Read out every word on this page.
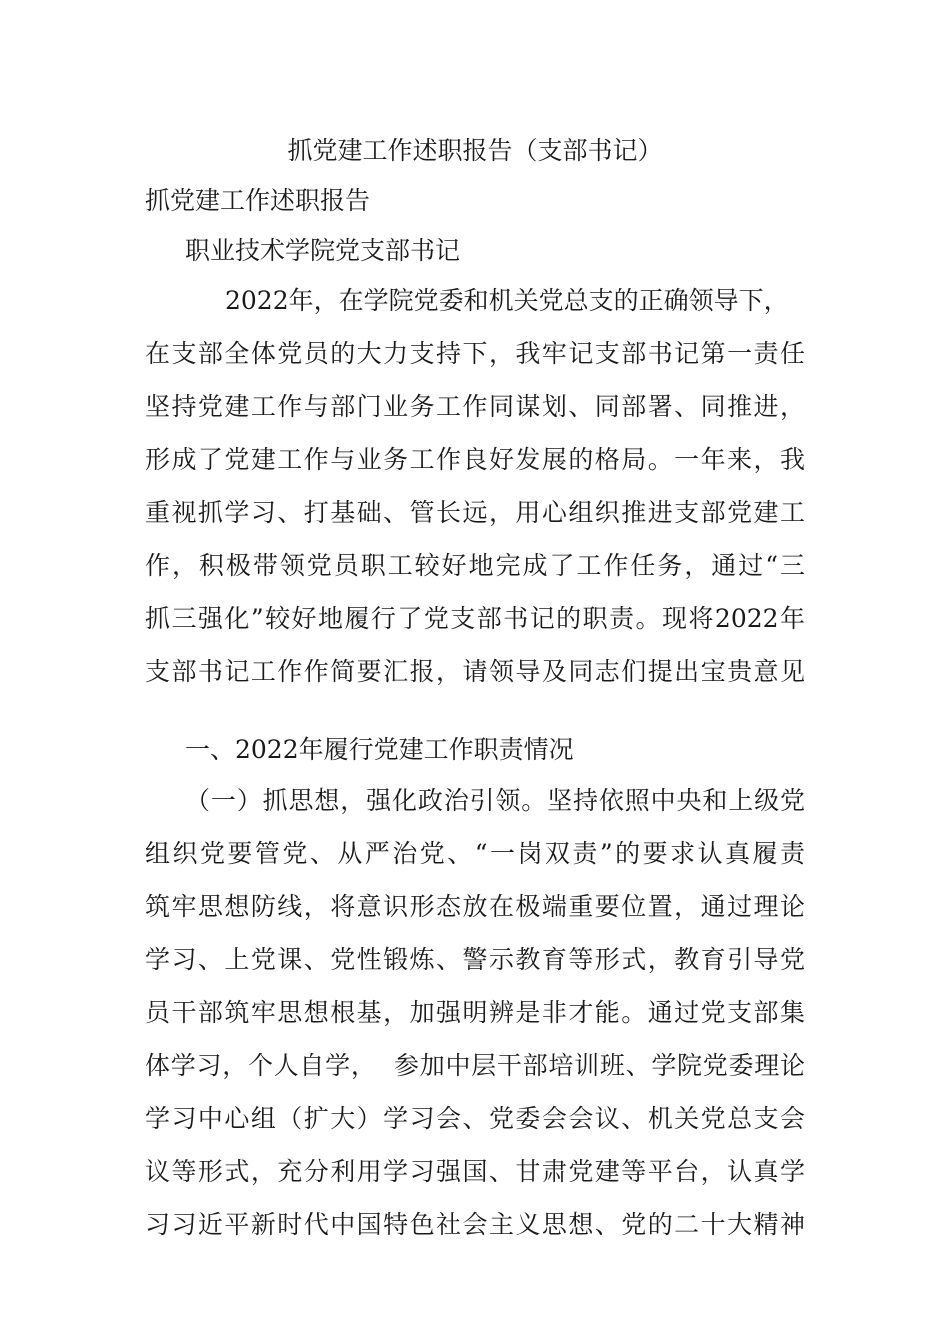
抓党建工作述职报告（支部书记）
抓党建工作述职报告
职业技术学院党支部书记
2022年，在学院党委和机关党总支的正确领导下，
在支部全体党员的大力支持下，我牢记支部书记第一责任
坚持党建工作与部门业务工作同谋划、同部署、同推进，
形成了党建工作与业务工作良好发展的格局。一年来，我
重视抓学习、打基础、管长远，用心组织推进支部党建工
作，积极带领党员职工较好地完成了工作任务，通过“三
抓三强化”较好地履行了党支部书记的职责。现将2022年
支部书记工作作简要汇报，请领导及同志们提出宝贵意见
一、2022年履行党建工作职责情况
（一）抓思想，强化政治引领。坚持依照中央和上级党
组织党要管党、从严治党、“一岗双责”的要求认真履责
筑牢思想防线，将意识形态放在极端重要位置，通过理论
学习、上党课、党性锻炼、警示教育等形式，教育引导党
员干部筑牢思想根基，加强明辨是非才能。通过党支部集
体学习，个人自学，  参加中层干部培训班、学院党委理论
学习中心组（扩大）学习会、党委会会议、机关党总支会
议等形式，充分利用学习强国、甘肃党建等平台，认真学
习习近平新时代中国特色社会主义思想、党的二十大精神
